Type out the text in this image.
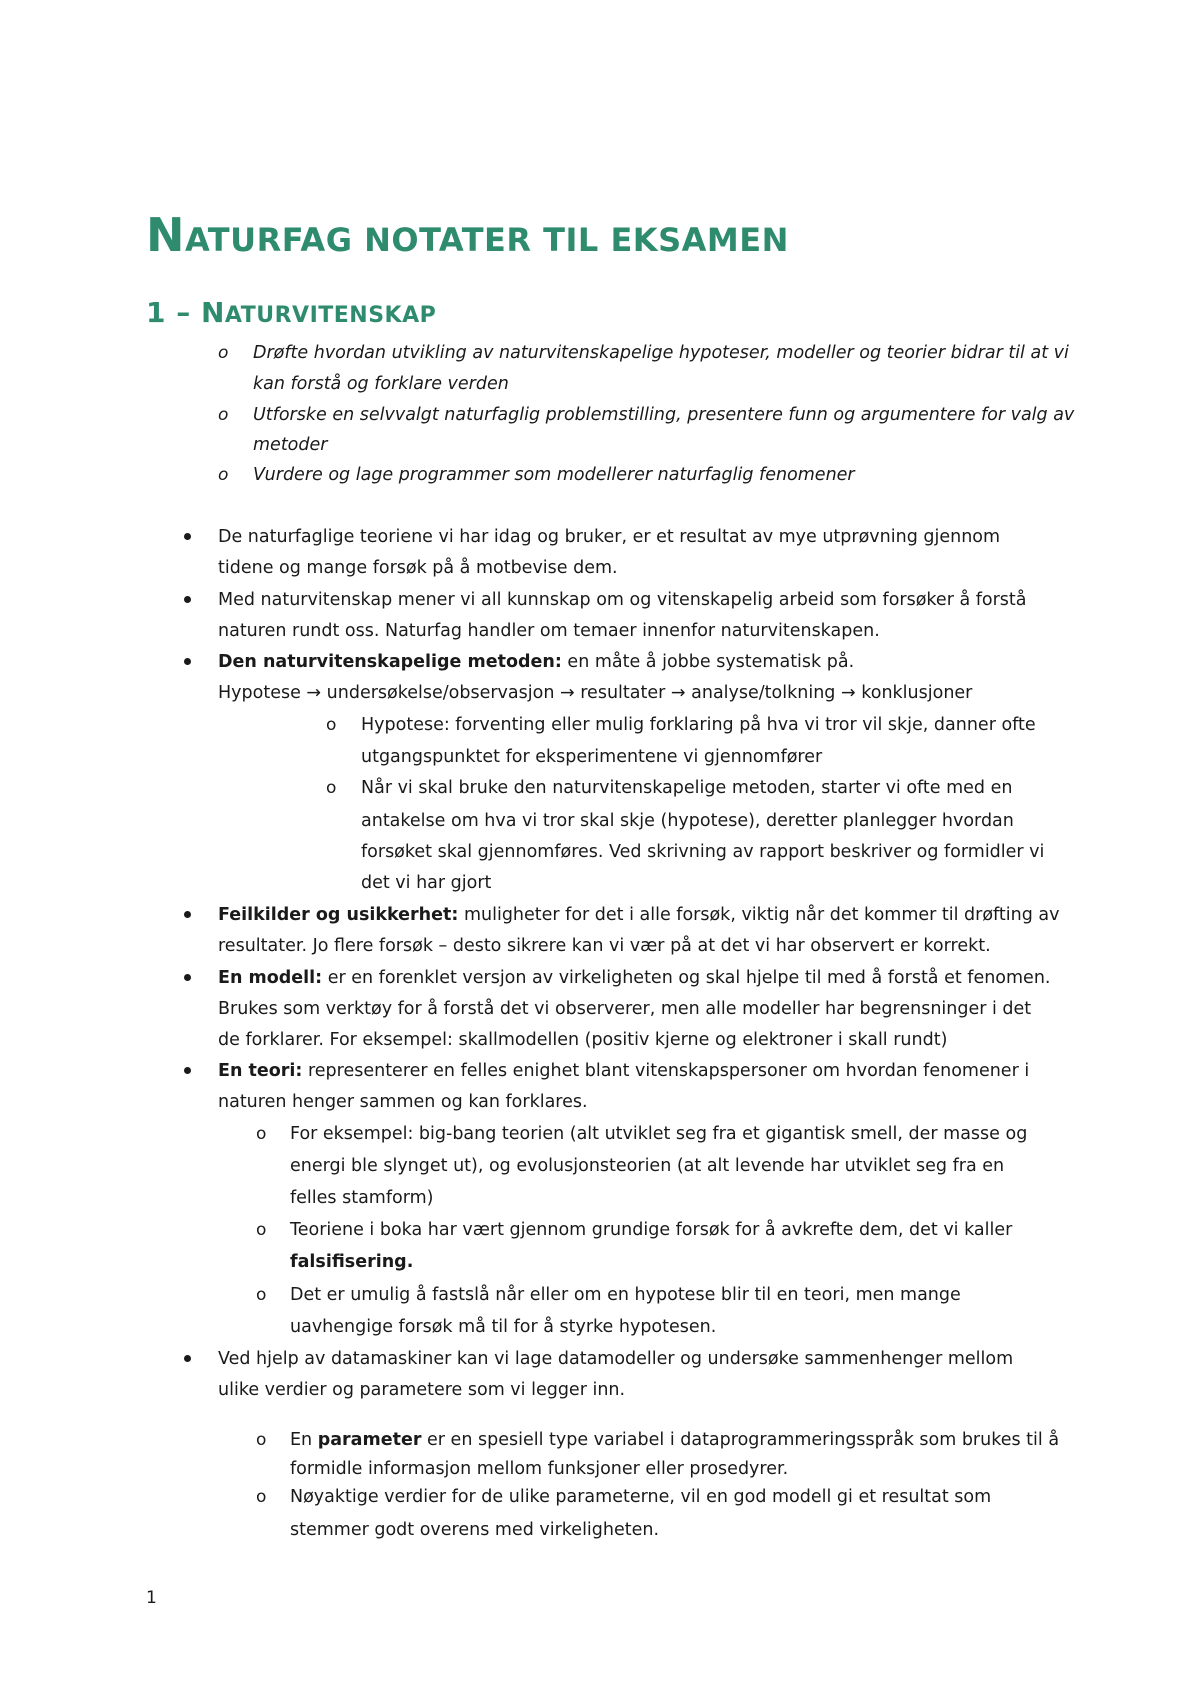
NATURFAG NOTATER TIL EKSAMEN
1 – NATURVITENSKAP
o Drøfte hvordan utvikling av naturvitenskapelige hypoteser, modeller og teorier bidrar til at vi
kan forstå og forklare verden
o Utforske en selvvalgt naturfaglig problemstilling, presentere funn og argumentere for valg av
metoder
o Vurdere og lage programmer som modellerer naturfaglig fenomener
De naturfaglige teoriene vi har idag og bruker, er et resultat av mye utprøvning gjennom
tidene og mange forsøk på å motbevise dem.
Med naturvitenskap mener vi all kunnskap om og vitenskapelig arbeid som forsøker å forstå
naturen rundt oss. Naturfag handler om temaer innenfor naturvitenskapen.
Den naturvitenskapelige metoden: en måte å jobbe systematisk på.
Hypotese → undersøkelse/observasjon → resultater → analyse/tolkning → konklusjoner
o Hypotese: forventing eller mulig forklaring på hva vi tror vil skje, danner ofte
utgangspunktet for eksperimentene vi gjennomfører
o Når vi skal bruke den naturvitenskapelige metoden, starter vi ofte med en
antakelse om hva vi tror skal skje (hypotese), deretter planlegger hvordan
forsøket skal gjennomføres. Ved skrivning av rapport beskriver og formidler vi
det vi har gjort
Feilkilder og usikkerhet: muligheter for det i alle forsøk, viktig når det kommer til drøfting av
resultater. Jo flere forsøk – desto sikrere kan vi vær på at det vi har observert er korrekt.
En modell: er en forenklet versjon av virkeligheten og skal hjelpe til med å forstå et fenomen.
Brukes som verktøy for å forstå det vi observerer, men alle modeller har begrensninger i det
de forklarer. For eksempel: skallmodellen (positiv kjerne og elektroner i skall rundt)
En teori: representerer en felles enighet blant vitenskapspersoner om hvordan fenomener i
naturen henger sammen og kan forklares.
o For eksempel: big-bang teorien (alt utviklet seg fra et gigantisk smell, der masse og
energi ble slynget ut), og evolusjonsteorien (at alt levende har utviklet seg fra en
felles stamform)
o Teoriene i boka har vært gjennom grundige forsøk for å avkrefte dem, det vi kaller
falsifisering.
o Det er umulig å fastslå når eller om en hypotese blir til en teori, men mange
uavhengige forsøk må til for å styrke hypotesen.
Ved hjelp av datamaskiner kan vi lage datamodeller og undersøke sammenhenger mellom
ulike verdier og parametere som vi legger inn.
o En parameter er en spesiell type variabel i dataprogrammeringsspråk som brukes til å
formidle informasjon mellom funksjoner eller prosedyrer.
o Nøyaktige verdier for de ulike parameterne, vil en god modell gi et resultat som
stemmer godt overens med virkeligheten.
1
